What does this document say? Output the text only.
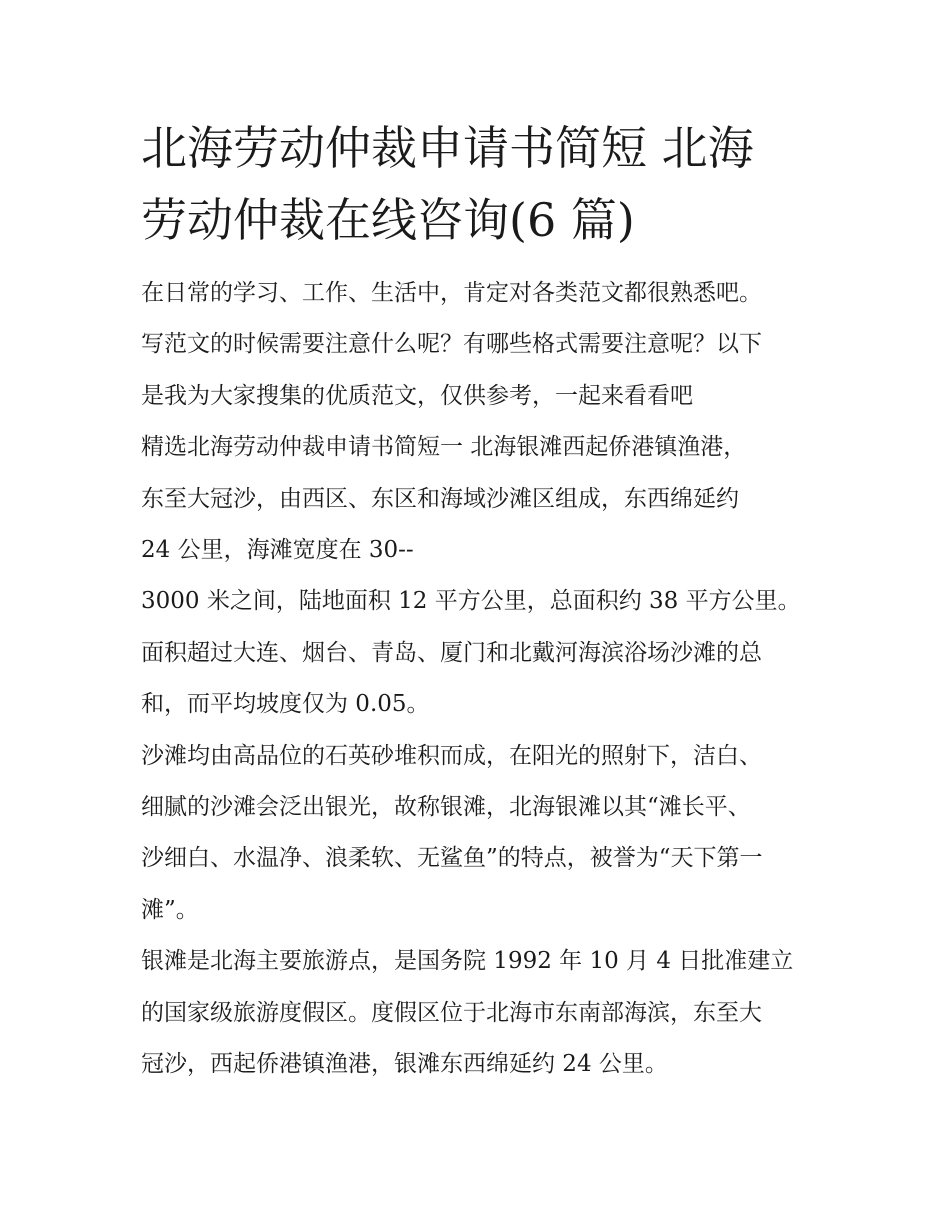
北海劳动仲裁申请书简短 北海
劳动仲裁在线咨询(6 篇)
在日常的学习、工作、生活中，肯定对各类范文都很熟悉吧。
写范文的时候需要注意什么呢？有哪些格式需要注意呢？以下
是我为大家搜集的优质范文，仅供参考，一起来看看吧
精选北海劳动仲裁申请书简短一 北海银滩西起侨港镇渔港，
东至大冠沙，由西区、东区和海域沙滩区组成，东西绵延约
24 公里，海滩宽度在 30--
3000 米之间，陆地面积 12 平方公里，总面积约 38 平方公里。
面积超过大连、烟台、青岛、厦门和北戴河海滨浴场沙滩的总
和，而平均坡度仅为 0.05。
沙滩均由高品位的石英砂堆积而成，在阳光的照射下，洁白、
细腻的沙滩会泛出银光，故称银滩，北海银滩以其“滩长平、
沙细白、水温净、浪柔软、无鲨鱼”的特点，被誉为“天下第一
滩”。
银滩是北海主要旅游点，是国务院 1992 年 10 月 4 日批准建立
的国家级旅游度假区。度假区位于北海市东南部海滨，东至大
冠沙，西起侨港镇渔港，银滩东西绵延约 24 公里。
